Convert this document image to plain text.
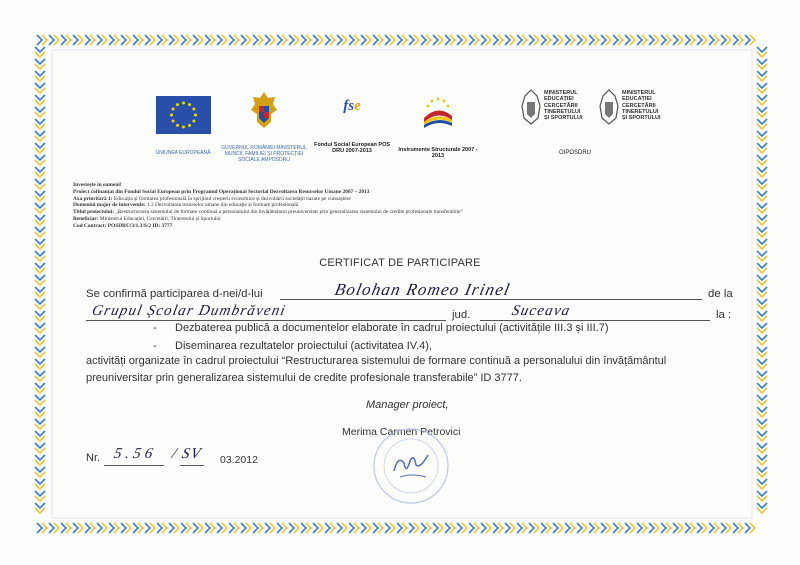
UNIUNEA EUROPEANĂ
GUVERNUL ROMÂNIEI MINISTERUL MUNCII, FAMILIEI ȘI PROTECȚIEI SOCIALE AMPOSDRU
fse
Fondul Social European POS DRU 2007-2013	Instrumente Structurale 2007 - 2013
MINISTERUL
EDUCAȚIEI
CERCETĂRII
TINERETULUI
ȘI SPORTULUI
MINISTERUL
EDUCAȚIEI
CERCETĂRII
TINERETULUI
ȘI SPORTULUI
OIPOSDRU
Investește în oameni!
Proiect cofinanțat din Fondul Social European prin Programul Operațional Sectorial Dezvoltarea Resurselor Umane 2007 – 2013
Axa prioritară 1: Educația și formarea profesională în sprijinul creșterii economice și dezvoltării societății bazate pe cunoaștere
Domeniul major de intervenție: 1.3 Dezvoltarea resurselor umane din educație și formare profesională
Titlul proiectului: „Restructurarea sistemului de formare continuă a personalului din învățământul preuniversitar prin generalizarea sistemului de credite profesionale transferabile”
Beneficiar: Ministerul Educației, Cercetării, Tineretului și Sportului
Cod Contract: POSDRU/3/1.3/S/2 ID: 3777
CERTIFICAT DE PARTICIPARE
Se confirmă participarea d-nei/d-lui	Bolohan Romeo Irinel	de la
Grupul Școlar Dumbrăveni	jud.	Suceava	la :
- Dezbaterea publică a documentelor elaborate în cadrul proiectului (activitățile III.3 și III.7)
- Diseminarea rezultatelor proiectului (activitatea IV.4),
activități organizate în cadrul proiectului “Restructurarea sistemului de formare continuă a personalului din învățământul
preuniversitar prin generalizarea sistemului de credite profesionale transferabile” ID 3777.
Manager proiect,
Merima Carmen Petrovici
Nr. 5.56 / SV 03.2012
